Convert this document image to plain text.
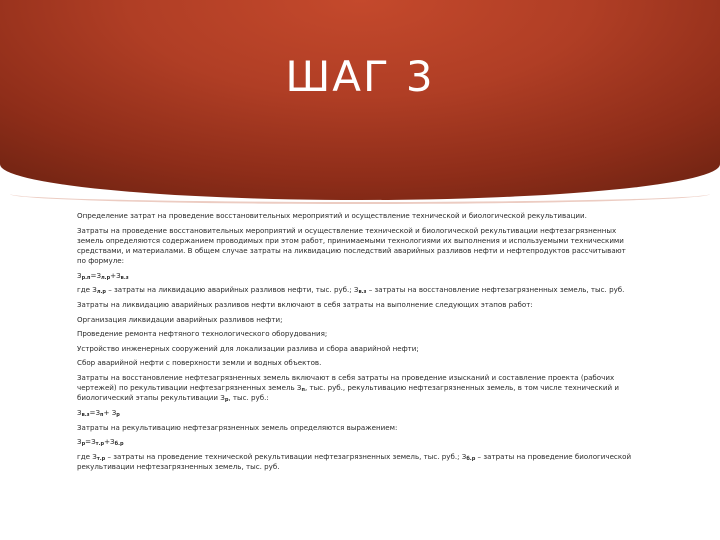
ШАГ 3

Определение затрат на проведение восстановительных мероприятий и осуществление технической и биологической рекультивации.

Затраты на проведение восстановительных мероприятий и осуществление технической и биологической рекультивации нефтезагрязненных земель определяются содержанием проводимых при этом работ, принимаемыми технологиями их выполнения и используемыми техническими средствами, и материалами. В общем случае затраты на ликвидацию последствий аварийных разливов нефти и нефтепродуктов рассчитывают по формуле:

$З_{р.п}=З_{л.р}+З_{в.з}$

где $З_{л.р}$ – затраты на ликвидацию аварийных разливов нефти, тыс. руб.; $З_{в.з}$ – затраты на восстановление нефтезагрязненных земель, тыс. руб.

Затраты на ликвидацию аварийных разливов нефти включают в себя затраты на выполнение следующих этапов работ:

Организация ликвидации аварийных разливов нефти;

Проведение ремонта нефтяного технологического оборудования;

Устройство инженерных сооружений для локализации разлива и сбора аварийной нефти;

Сбор аварийной нефти с поверхности земли и водных объектов.

Затраты на восстановление нефтезагрязненных земель включают в себя затраты на проведение изысканий и составление проекта (рабочих чертежей) по рекультивации нефтезагрязненных земель $З_п$, тыс. руб., рекультивацию нефтезагрязненных земель, в том числе технический и биологический этапы рекультивации $З_р$, тыс. руб.:

$З_{в.з}=З_п+ З_р$

Затраты на рекультивацию нефтезагрязненных земель определяются выражением:

$З_р=З_{т.р}+З_{б.р}$

где $З_{т.р}$ – затраты на проведение технической рекультивации нефтезагрязненных земель, тыс. руб.; $З_{б.р}$ – затраты на проведение биологической рекультивации нефтезагрязненных земель, тыс. руб.
